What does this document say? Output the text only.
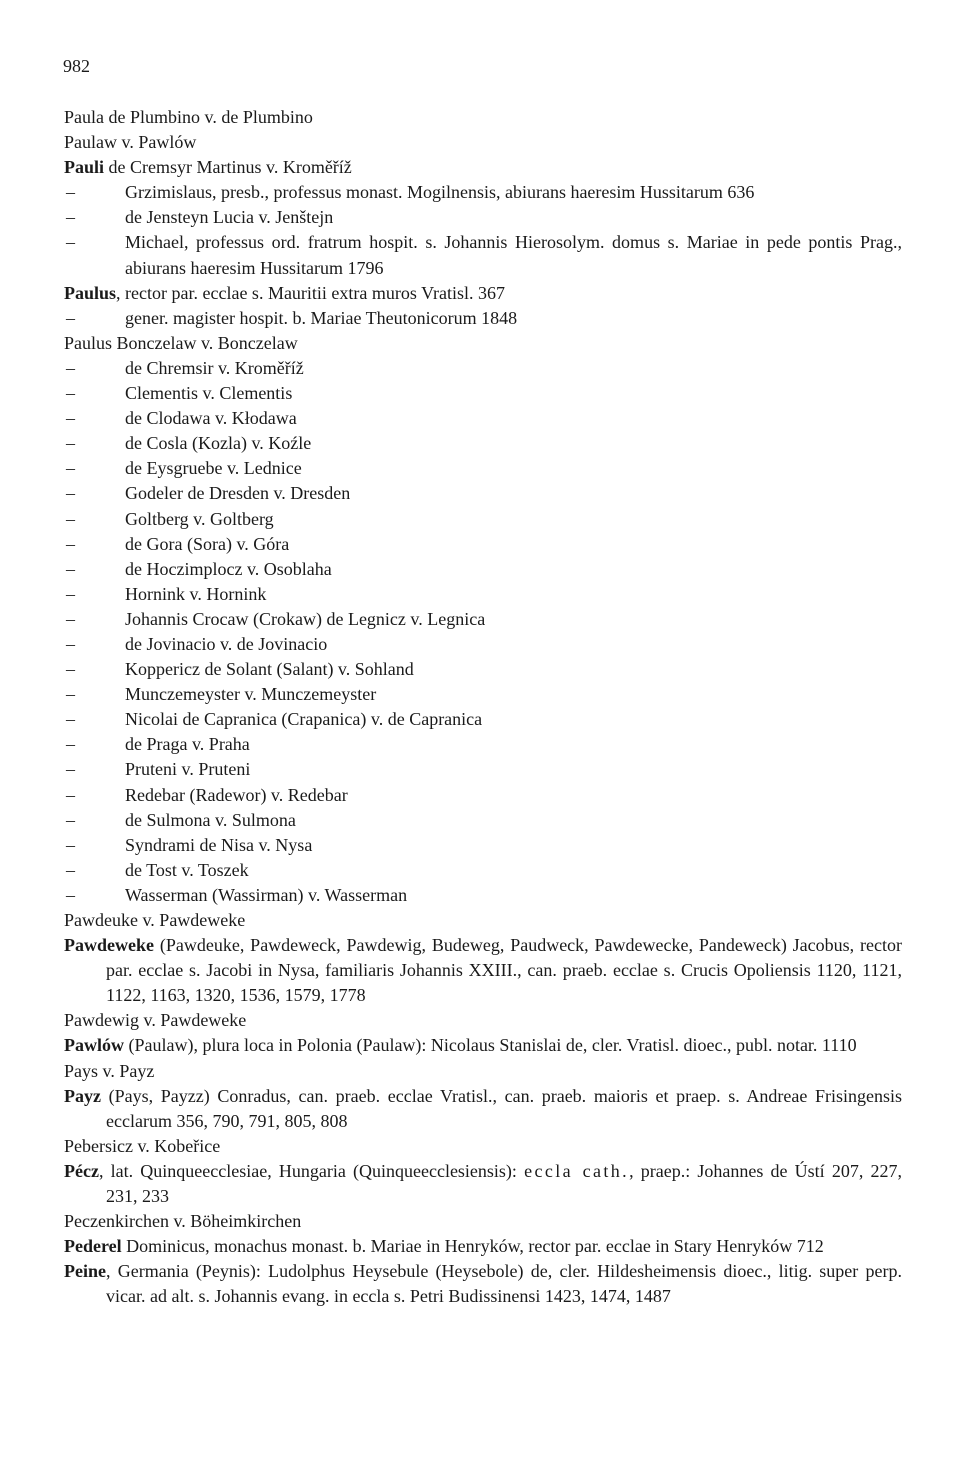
982
Paula de Plumbino v. de Plumbino
Paulaw v. Pawlów
Pauli de Cremsyr Martinus v. Kroměříž
–Grzimislaus, presb., professus monast. Mogilnensis, abiurans haeresim Hussitarum 636
–de Jensteyn Lucia v. Jenštejn
–Michael, professus ord. fratrum hospit. s. Johannis Hierosolym. domus s. Mariae in pede pontis Prag., abiurans haeresim Hussitarum 1796
Paulus, rector par. ecclae s. Mauritii extra muros Vratisl. 367
–gener. magister hospit. b. Mariae Theutonicorum 1848
Paulus Bonczelaw v. Bonczelaw
–de Chremsir v. Kroměříž
–Clementis v. Clementis
–de Clodawa v. Kłodawa
–de Cosla (Kozla) v. Koźle
–de Eysgruebe v. Lednice
–Godeler de Dresden v. Dresden
–Goltberg v. Goltberg
–de Gora (Sora) v. Góra
–de Hoczimplocz v. Osoblaha
–Hornink v. Hornink
–Johannis Crocaw (Crokaw) de Legnicz v. Legnica
–de Jovinacio v. de Jovinacio
–Koppericz de Solant (Salant) v. Sohland
–Munczemeyster v. Munczemeyster
–Nicolai de Capranica (Crapanica) v. de Capranica
–de Praga v. Praha
–Pruteni v. Pruteni
–Redebar (Radewor) v. Redebar
–de Sulmona v. Sulmona
–Syndrami de Nisa v. Nysa
–de Tost v. Toszek
–Wasserman (Wassirman) v. Wasserman
Pawdeuke v. Pawdeweke
Pawdeweke (Pawdeuke, Pawdeweck, Pawdewig, Budeweg, Paudweck, Pawdewecke, Pandeweck) Jacobus, rector par. ecclae s. Jacobi in Nysa, familiaris Johannis XXIII., can. praeb. ecclae s. Crucis Opoliensis 1120, 1121, 1122, 1163, 1320, 1536, 1579, 1778
Pawdewig v. Pawdeweke
Pawlów (Paulaw), plura loca in Polonia (Paulaw): Nicolaus Stanislai de, cler. Vratisl. dioec., publ. notar. 1110
Pays v. Payz
Payz (Pays, Payzz) Conradus, can. praeb. ecclae Vratisl., can. praeb. maioris et praep. s. Andreae Frisingensis ecclarum 356, 790, 791, 805, 808
Pebersicz v. Kobeřice
Pécz, lat. Quinqueecclesiae, Hungaria (Quinqueecclesiensis): eccla cath., praep.: Johannes de Ústí 207, 227, 231, 233
Peczenkirchen v. Böheimkirchen
Pederel Dominicus, monachus monast. b. Mariae in Henryków, rector par. ecclae in Stary Henryków 712
Peine, Germania (Peynis): Ludolphus Heysebule (Heysebole) de, cler. Hildesheimensis dioec., litig. super perp. vicar. ad alt. s. Johannis evang. in eccla s. Petri Budissinensi 1423, 1474, 1487
